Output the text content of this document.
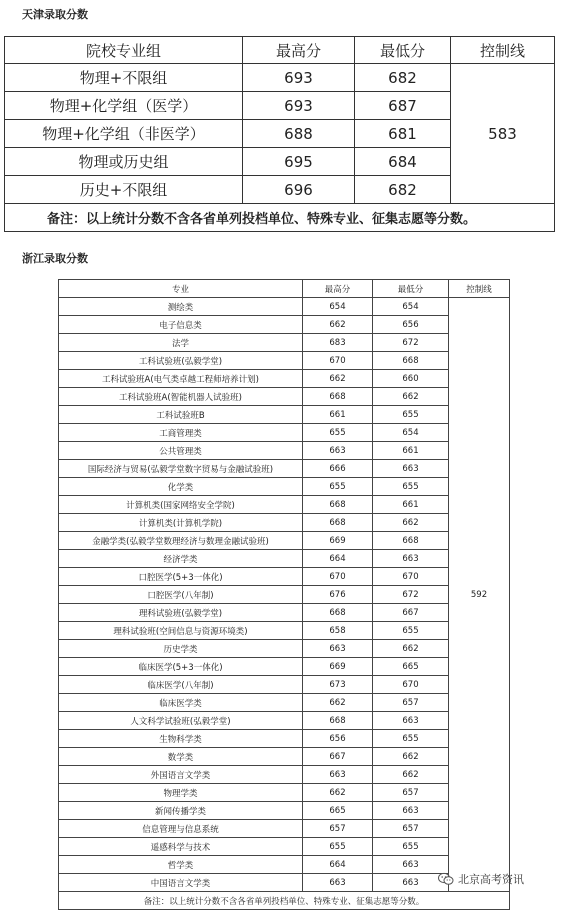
天津录取分数
院校专业组	最高分	最低分	控制线
物理+不限组	693	682	583
物理+化学组（医学）	693	687	
物理+化学组（非医学）	688	681	
物理或历史组	695	684	
历史+不限组	696	682	
备注：以上统计分数不含各省单列投档单位、特殊专业、征集志愿等分数。			
浙江录取分数
专业	最高分	最低分	控制线
测绘类	654	654	592
电子信息类	662	656	
法学	683	672	
工科试验班(弘毅学堂)	670	668	
工科试验班A(电气类卓越工程师培养计划)	662	660	
工科试验班A(智能机器人试验班)	668	662	
工科试验班B	661	655	
工商管理类	655	654	
公共管理类	663	661	
国际经济与贸易(弘毅学堂数字贸易与金融试验班)	666	663	
化学类	655	655	
计算机类(国家网络安全学院)	668	661	
计算机类(计算机学院)	668	662	
金融学类(弘毅学堂数理经济与数理金融试验班)	669	668	
经济学类	664	663	
口腔医学(5+3一体化)	670	670	
口腔医学(八年制)	676	672	
理科试验班(弘毅学堂)	668	667	
理科试验班(空间信息与资源环境类)	658	655	
历史学类	663	662	
临床医学(5+3一体化)	669	665	
临床医学(八年制)	673	670	
临床医学类	662	657	
人文科学试验班(弘毅学堂)	668	663	
生物科学类	656	655	
数学类	667	662	
外国语言文学类	663	662	
物理学类	662	657	
新闻传播学类	665	663	
信息管理与信息系统	657	657	
遥感科学与技术	655	655	
哲学类	664	663	
中国语言文学类	663	663	
备注：以上统计分数不含各省单列投档单位、特殊专业、征集志愿等分数。			
北京高考资讯
